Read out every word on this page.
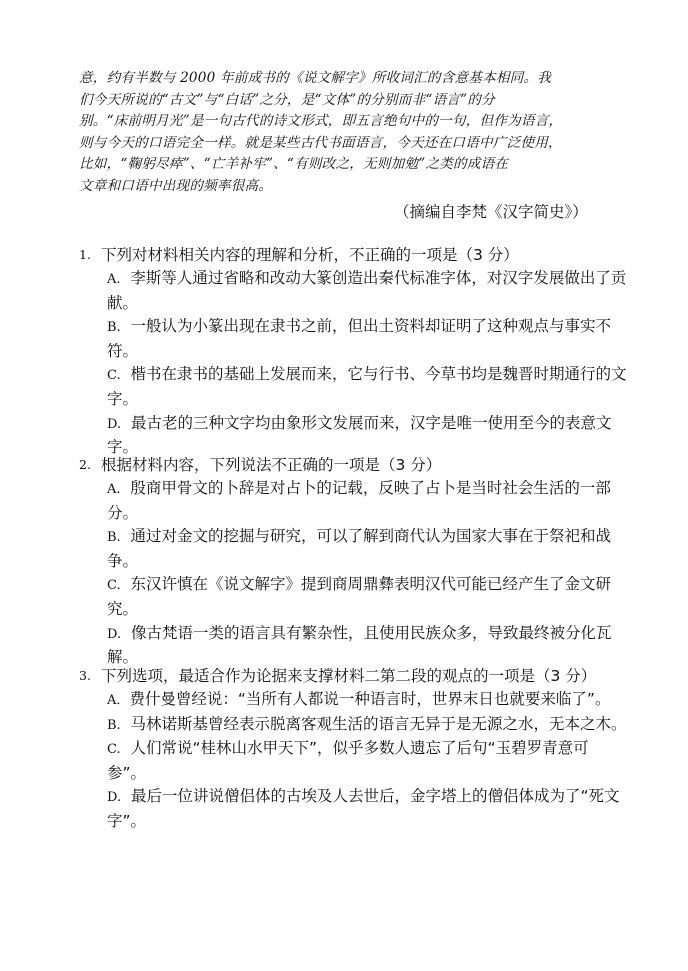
意，约有半数与 2000 年前成书的《说文解字》所收词汇的含意基本相同。我
们今天所说的“古文”与“白话”之分，是“文体”的分别而非“语言”的分
别。“床前明月光”是一句古代的诗文形式，即五言绝句中的一句，但作为语言，
则与今天的口语完全一样。就是某些古代书面语言，今天还在口语中广泛使用，
比如，“鞠躬尽瘁”、“亡羊补牢”、“有则改之，无则加勉”之类的成语在
文章和口语中出现的频率很高。
（摘编自李梵《汉字简史》）
1. 下列对材料相关内容的理解和分析，不正确的一项是（3 分）
A. 李斯等人通过省略和改动大篆创造出秦代标准字体，对汉字发展做出了贡献。
B. 一般认为小篆出现在隶书之前，但出土资料却证明了这种观点与事实不符。
C. 楷书在隶书的基础上发展而来，它与行书、今草书均是魏晋时期通行的文字。
D. 最古老的三种文字均由象形文发展而来，汉字是唯一使用至今的表意文字。
2. 根据材料内容，下列说法不正确的一项是（3 分）
A. 殷商甲骨文的卜辞是对占卜的记载，反映了占卜是当时社会生活的一部分。
B. 通过对金文的挖掘与研究，可以了解到商代认为国家大事在于祭祀和战争。
C. 东汉许慎在《说文解字》提到商周鼎彝表明汉代可能已经产生了金文研究。
D. 像古梵语一类的语言具有繁杂性，且使用民族众多，导致最终被分化瓦解。
3. 下列选项，最适合作为论据来支撑材料二第二段的观点的一项是（3 分）
A．费什曼曾经说：“当所有人都说一种语言时，世界末日也就要来临了”。
B. 马林诺斯基曾经表示脱离客观生活的语言无异于是无源之水，无本之木。
C. 人们常说“桂林山水甲天下”，似乎多数人遗忘了后句“玉碧罗青意可参”。
D. 最后一位讲说僧侣体的古埃及人去世后，金字塔上的僧侣体成为了“死文字”。
